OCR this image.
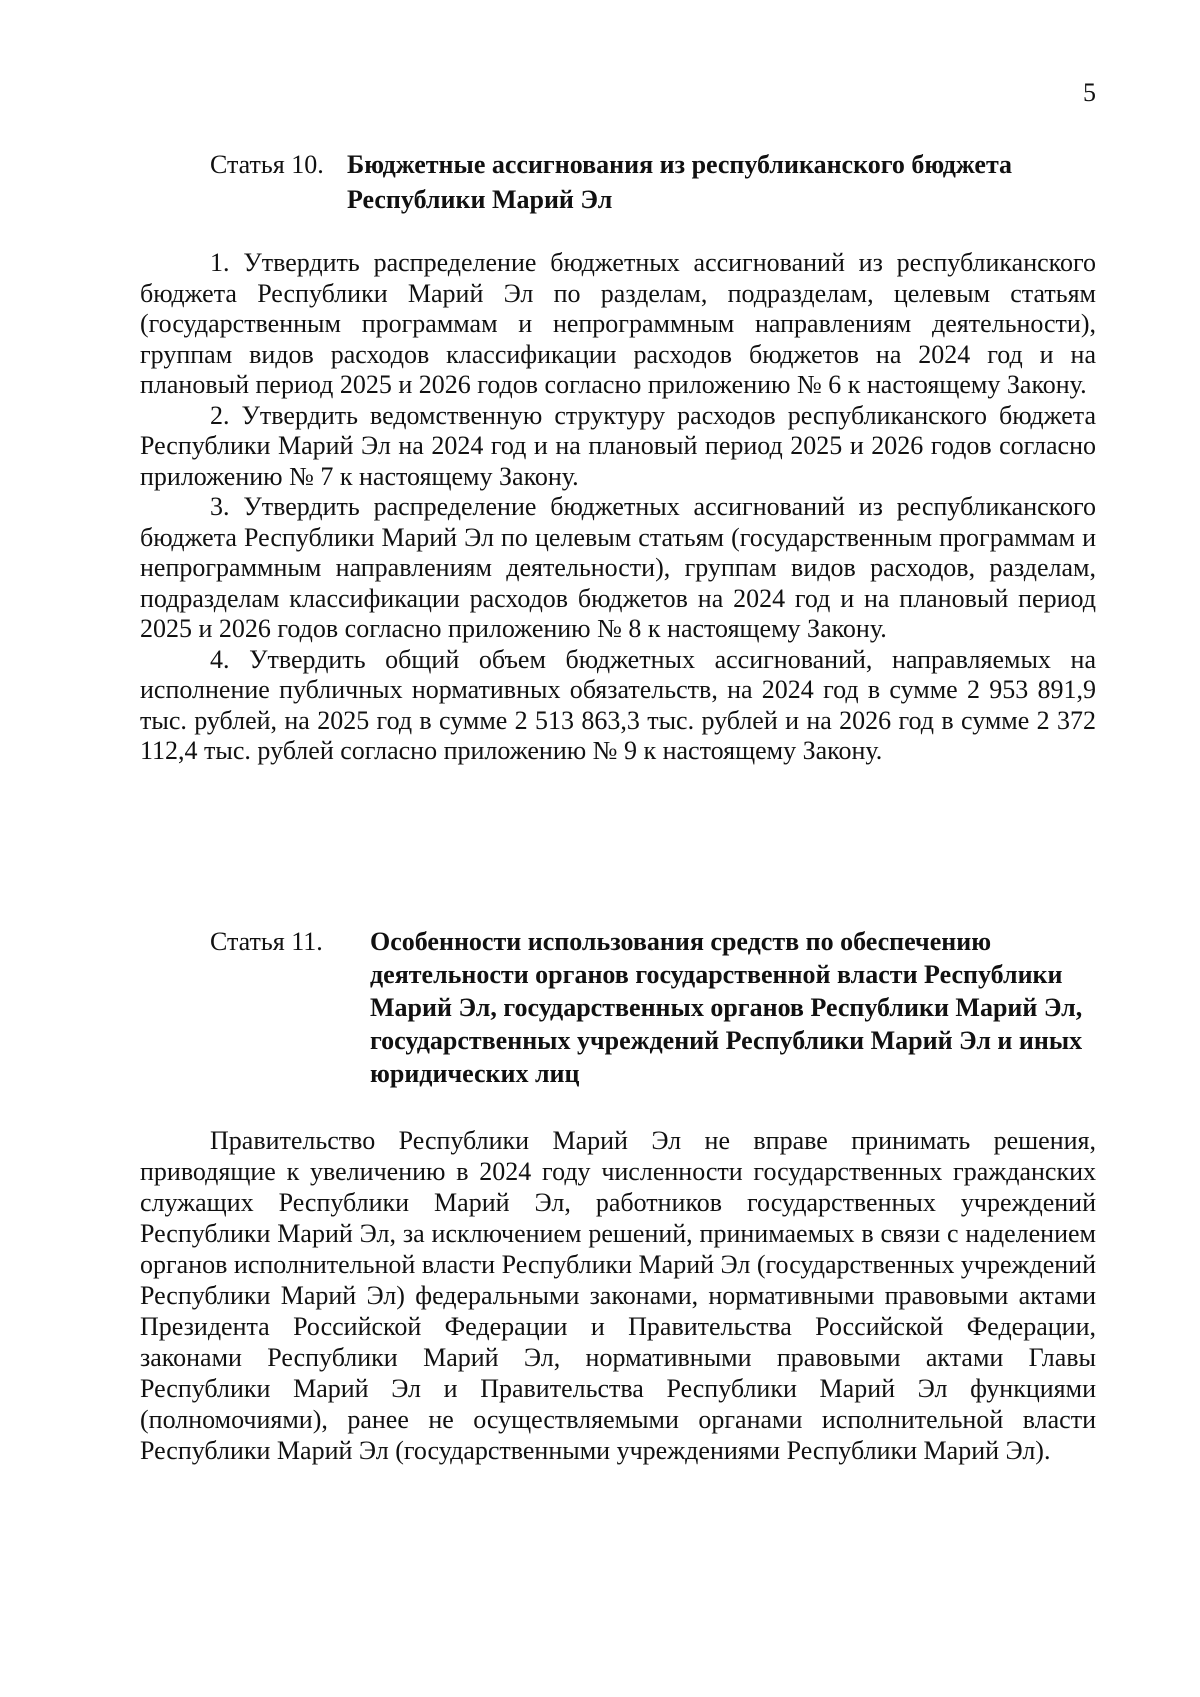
5
Статья 10. Бюджетные ассигнования из республиканского бюджета Республики Марий Эл

1. Утвердить распределение бюджетных ассигнований из республиканского бюджета Республики Марий Эл по разделам, подразделам, целевым статьям (государственным программам и непрограммным направлениям деятельности), группам видов расходов классификации расходов бюджетов на 2024 год и на плановый период 2025 и 2026 годов согласно приложению № 6 к настоящему Закону.

2. Утвердить ведомственную структуру расходов республиканского бюджета Республики Марий Эл на 2024 год и на плановый период 2025 и 2026 годов согласно приложению № 7 к настоящему Закону.

3. Утвердить распределение бюджетных ассигнований из республиканского бюджета Республики Марий Эл по целевым статьям (государственным программам и непрограммным направлениям деятельности), группам видов расходов, разделам, подразделам классификации расходов бюджетов на 2024 год и на плановый период 2025 и 2026 годов согласно приложению № 8 к настоящему Закону.

4. Утвердить общий объем бюджетных ассигнований, направляемых на исполнение публичных нормативных обязательств, на 2024 год в сумме 2 953 891,9 тыс. рублей, на 2025 год в сумме 2 513 863,3 тыс. рублей и на 2026 год в сумме 2 372 112,4 тыс. рублей согласно приложению № 9 к настоящему Закону.

Статья 11.	Особенности использования средств по обеспечению деятельности органов государственной власти Республики Марий Эл, государственных органов Республики Марий Эл, государственных учреждений Республики Марий Эл и иных юридических лиц

Правительство Республики Марий Эл не вправе принимать решения, приводящие к увеличению в 2024 году численности государственных гражданских служащих Республики Марий Эл, работников государственных учреждений Республики Марий Эл, за исключением решений, принимаемых в связи с наделением органов исполнительной власти Республики Марий Эл (государственных учреждений Республики Марий Эл) федеральными законами, нормативными правовыми актами Президента Российской Федерации и Правительства Российской Федерации, законами Республики Марий Эл, нормативными правовыми актами Главы Республики Марий Эл и Правительства Республики Марий Эл функциями (полномочиями), ранее не осуществляемыми органами исполнительной власти Республики Марий Эл (государственными учреждениями Республики Марий Эл).
